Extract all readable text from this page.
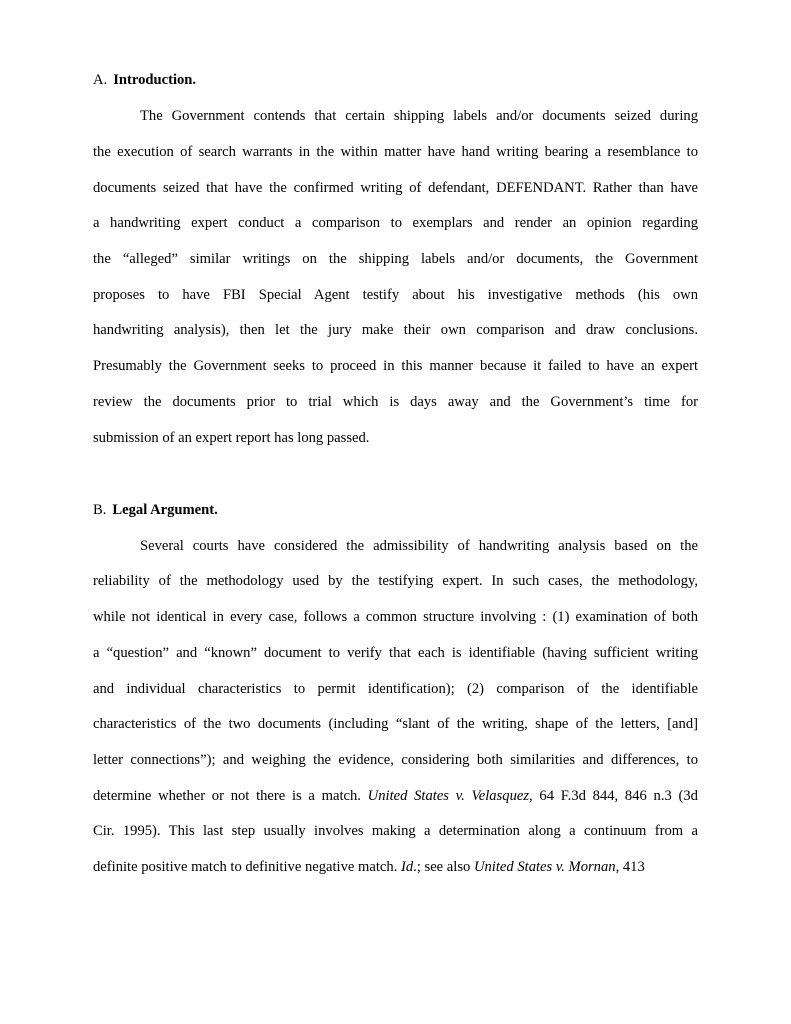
A. Introduction.
The Government contends that certain shipping labels and/or documents seized during
the execution of search warrants in the within matter have hand writing bearing a resemblance to
documents seized that have the confirmed writing of defendant, DEFENDANT. Rather than have
a handwriting expert conduct a comparison to exemplars and render an opinion regarding
the “alleged” similar writings on the shipping labels and/or documents, the Government
proposes to have FBI Special Agent testify about his investigative methods (his own
handwriting analysis), then let the jury make their own comparison and draw conclusions.
Presumably the Government seeks to proceed in this manner because it failed to have an expert
review the documents prior to trial which is days away and the Government’s time for
submission of an expert report has long passed.
B. Legal Argument.
Several courts have considered the admissibility of handwriting analysis based on the
reliability of the methodology used by the testifying expert. In such cases, the methodology,
while not identical in every case, follows a common structure involving : (1) examination of both
a “question” and “known” document to verify that each is identifiable (having sufficient writing
and individual characteristics to permit identification); (2) comparison of the identifiable
characteristics of the two documents (including “slant of the writing, shape of the letters, [and]
letter connections”); and weighing the evidence, considering both similarities and differences, to
determine whether or not there is a match. United States v. Velasquez, 64 F.3d 844, 846 n.3 (3d
Cir. 1995). This last step usually involves making a determination along a continuum from a
definite positive match to definitive negative match. Id.; see also United States v. Mornan, 413
